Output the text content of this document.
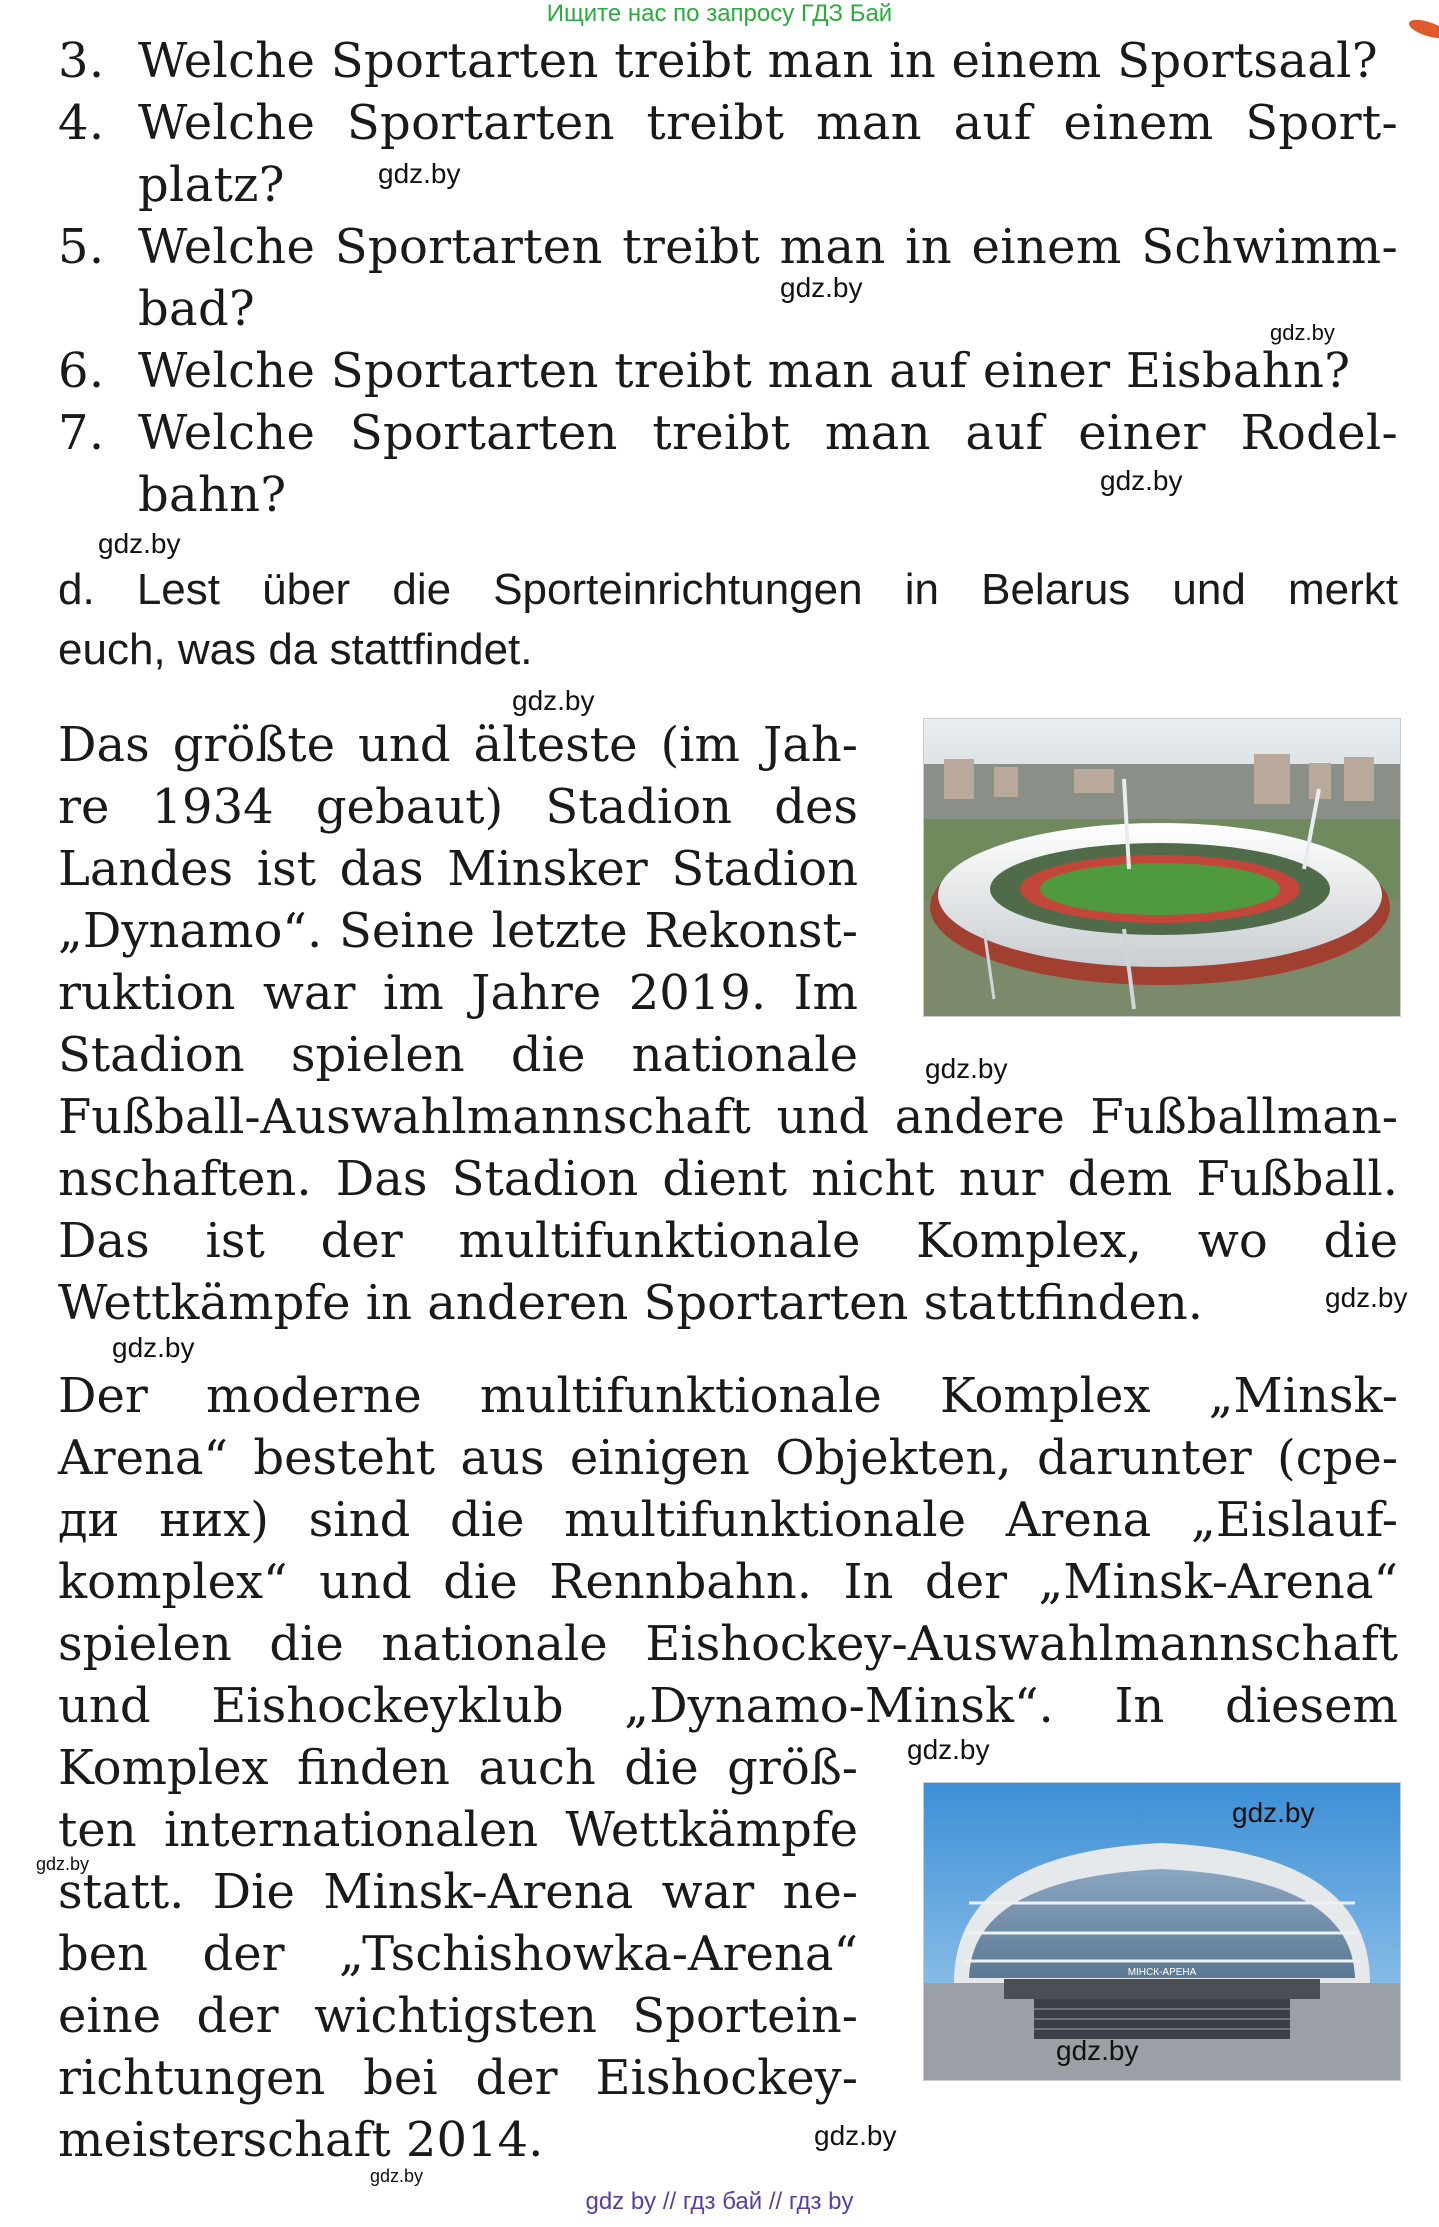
Ищите нас по запросу ГДЗ Бай
3. Welche Sportarten treibt man in einem Sportsaal?
4. Welche Sportarten treibt man auf einem Sport-
platz?
5. Welche Sportarten treibt man in einem Schwimm-
bad?
6. Welche Sportarten treibt man auf einer Eisbahn?
7. Welche Sportarten treibt man auf einer Rodel-
bahn?
d. Lest über die Sporteinrichtungen in Belarus und merkt
euch, was da stattfindet.
Das größte und älteste (im Jah-
re 1934 gebaut) Stadion des
Landes ist das Minsker Stadion
„Dynamo“. Seine letzte Rekonst-
ruktion war im Jahre 2019. Im
Stadion spielen die nationale
Fußball-Auswahlmannschaft und andere Fußballman-
nschaften. Das Stadion dient nicht nur dem Fußball.
Das ist der multifunktionale Komplex, wo die
Wettkämpfe in anderen Sportarten stattfinden.
Der moderne multifunktionale Komplex „Minsk-
Arena“ besteht aus einigen Objekten, darunter (сре-
ди них) sind die multifunktionale Arena „Eislauf-
komplex“ und die Rennbahn. In der „Minsk-Arena“
spielen die nationale Eishockey-Auswahlmannschaft
und Eishockeyklub „Dynamo-Minsk“. In diesem
Komplex finden auch die größ-
ten internationalen Wettkämpfe
statt. Die Minsk-Arena war ne-
ben der „Tschishowka-Arena“
eine der wichtigsten Sportein-
richtungen bei der Eishockey-
meisterschaft 2014.
МІНСК-АРЕНА
gdz.by
gdz.by
gdz.by
gdz.by
gdz.by
gdz.by
gdz.by
gdz.by
gdz.by
gdz.by
gdz.by
gdz.by
gdz.by
gdz.by
gdz.by
gdz by // гдз бай // гдз by
